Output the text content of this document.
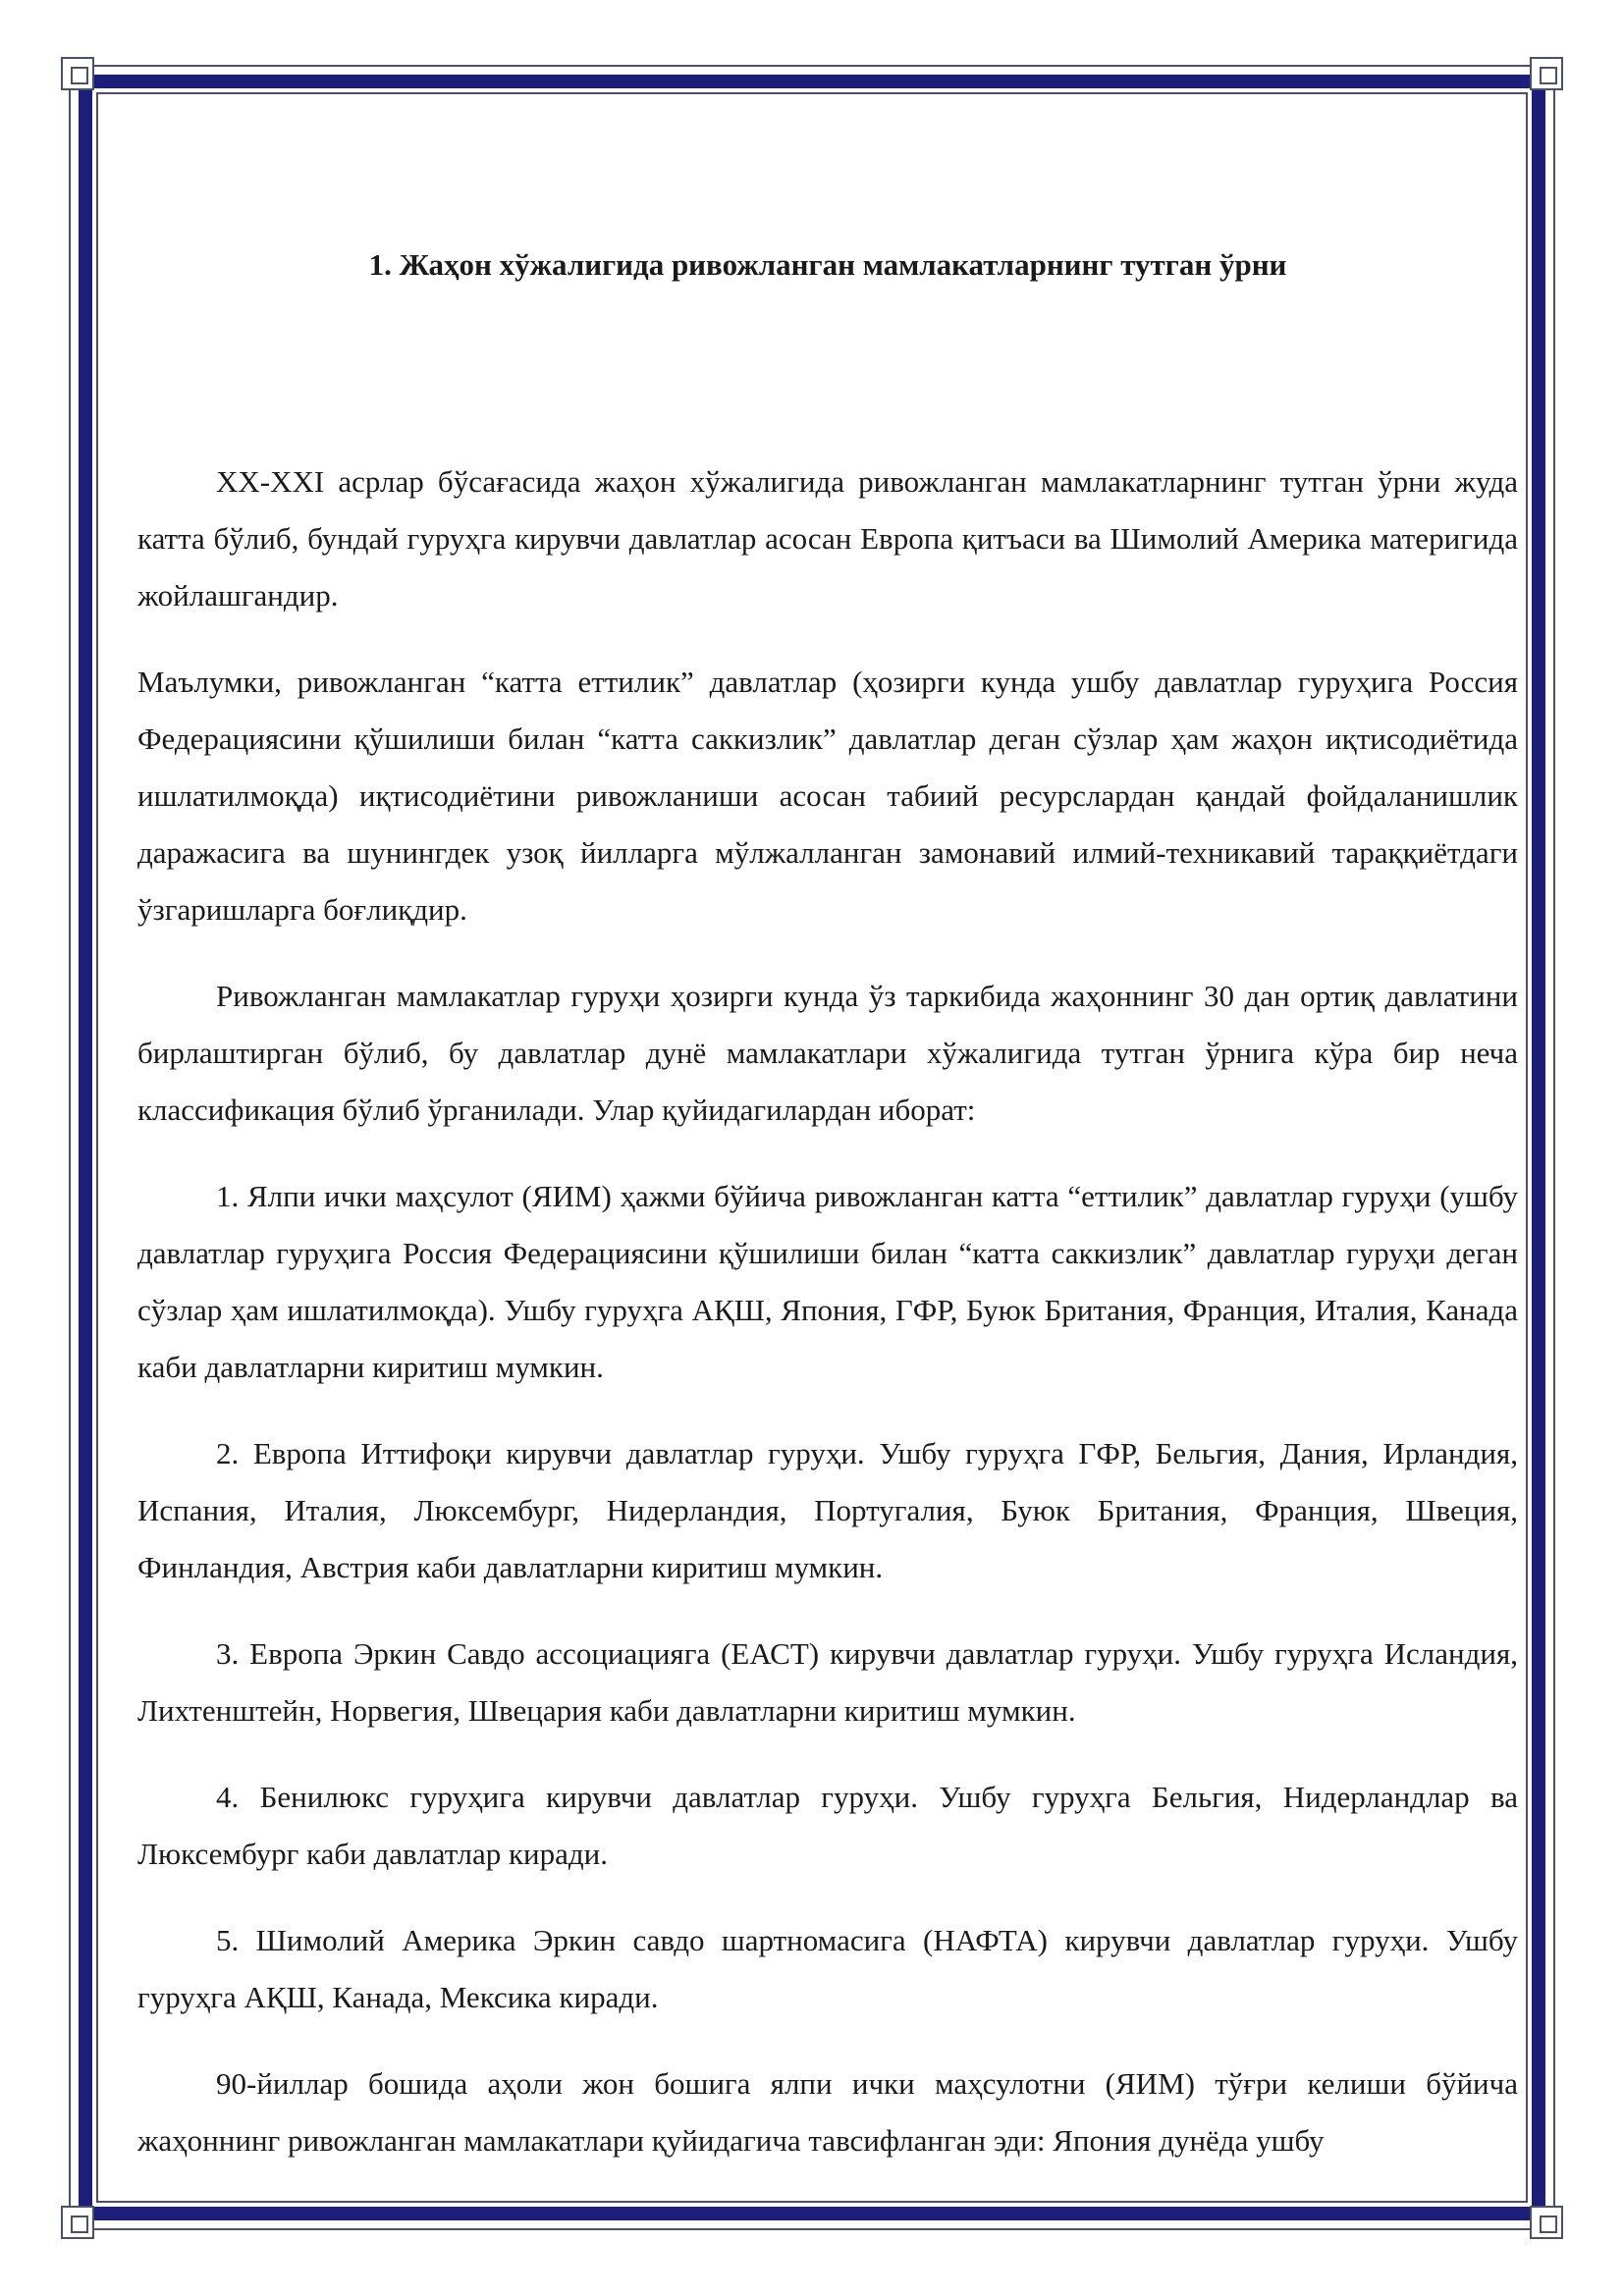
1. Жаҳон хўжалигида ривожланган мамлакатларнинг тутган ўрни

XX-XXI асрлар бўсағасида жаҳон хўжалигида ривожланган мамлакатларнинг тутган ўрни жуда катта бўлиб, бундай гуруҳга кирувчи давлатлар асосан Европа қитъаси ва Шимолий Америка материгида жойлашгандир.

Маълумки, ривожланган “катта еттилик” давлатлар (ҳозирги кунда ушбу давлатлар гуруҳига Россия Федерациясини қўшилиши билан “катта саккизлик” давлатлар деган сўзлар ҳам жаҳон иқтисодиётида ишлатилмоқда) иқтисодиётини ривожланиши асосан табиий ресурслардан қандай фойдаланишлик даражасига ва шунингдек узоқ йилларга мўлжалланган замонавий илмий-техникавий тараққиётдаги ўзгаришларга боғлиқдир.

Ривожланган мамлакатлар гуруҳи ҳозирги кунда ўз таркибида жаҳоннинг 30 дан ортиқ давлатини бирлаштирган бўлиб, бу давлатлар дунё мамлакатлари хўжалигида тутган ўрнига кўра бир неча классификация бўлиб ўрганилади. Улар қуйидагилардан иборат:

1. Ялпи ички маҳсулот (ЯИМ) ҳажми бўйича ривожланган катта “еттилик” давлатлар гуруҳи (ушбу давлатлар гуруҳига Россия Федерациясини қўшилиши билан “катта саккизлик” давлатлар гуруҳи деган сўзлар ҳам ишлатилмоқда). Ушбу гуруҳга АҚШ, Япония, ГФР, Буюк Британия, Франция, Италия, Канада каби давлатларни киритиш мумкин.

2. Европа Иттифоқи кирувчи давлатлар гуруҳи. Ушбу гуруҳга ГФР, Бельгия, Дания, Ирландия, Испания, Италия, Люксембург, Нидерландия, Португалия, Буюк Британия, Франция, Швеция, Финландия, Австрия каби давлатларни киритиш мумкин.

3. Европа Эркин Савдо ассоциацияга (ЕАСТ) кирувчи давлатлар гуруҳи. Ушбу гуруҳга Исландия, Лихтенштейн, Норвегия, Швецария каби давлатларни киритиш мумкин.

4. Бенилюкс гуруҳига кирувчи давлатлар гуруҳи. Ушбу гуруҳга Бельгия, Нидерландлар ва Люксембург каби давлатлар киради.

5. Шимолий Америка Эркин савдо шартномасига (НАФТА) кирувчи давлатлар гуруҳи. Ушбу гуруҳга АҚШ, Канада, Мексика киради.

90-йиллар бошида аҳоли жон бошига ялпи ички маҳсулотни (ЯИМ) тўғри келиши бўйича жаҳоннинг ривожланган мамлакатлари қуйидагича тавсифланган эди: Япония дунёда ушбу
